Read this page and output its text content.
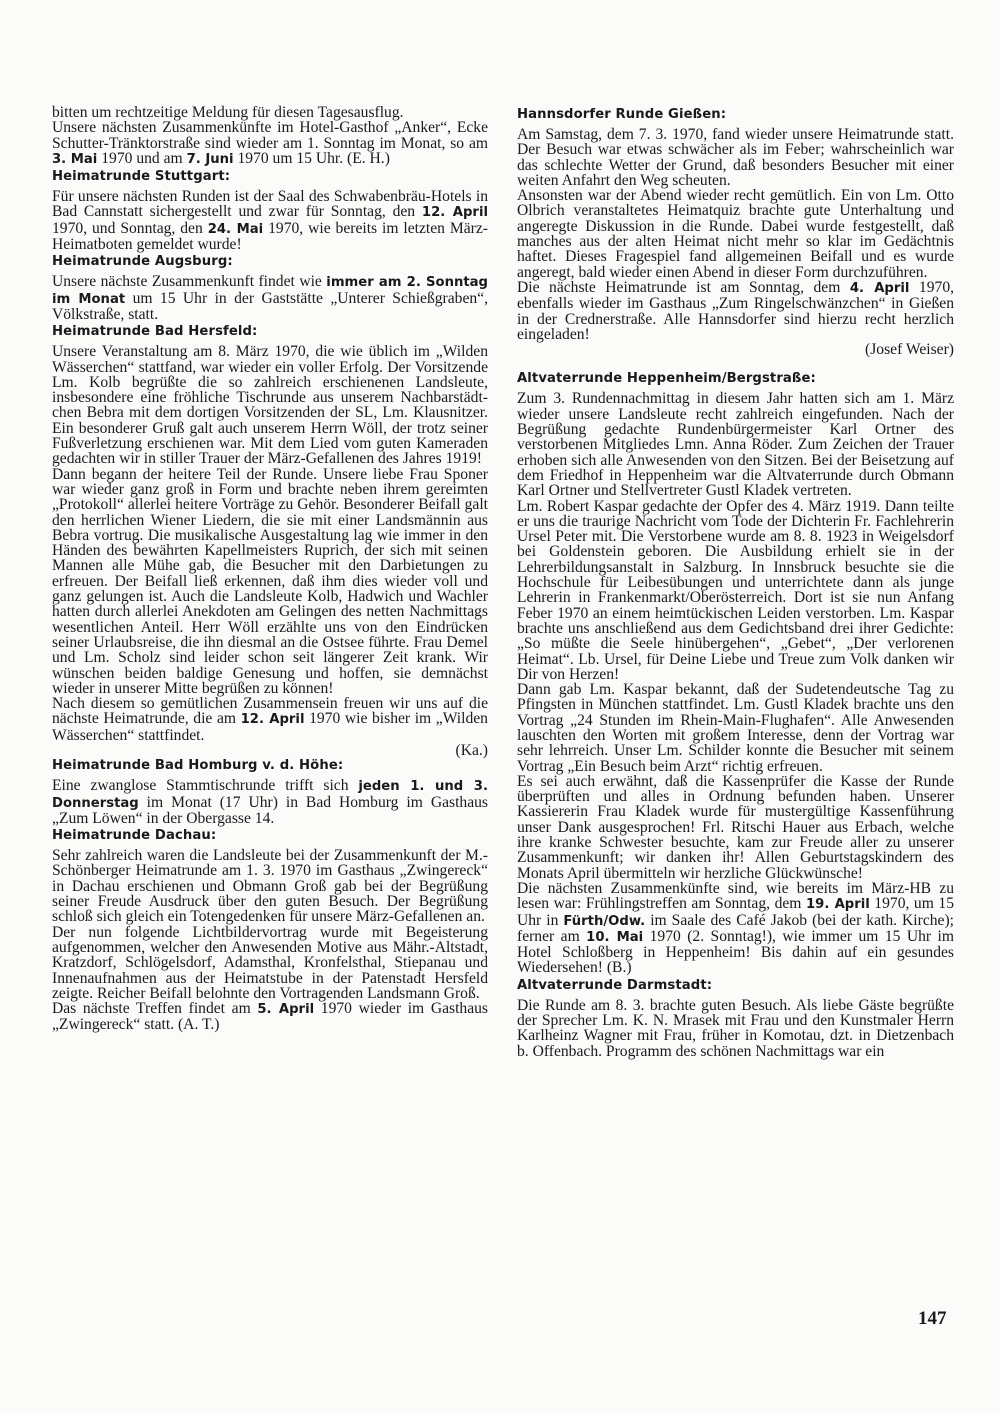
bitten um rechtzeitige Meldung für diesen Tagesausflug.

Unsere nächsten Zusammenkünfte im Hotel-Gasthof „Anker“, Ecke Schutter-Tränktorstraße sind wieder am 1. Sonntag im Monat, so am 3. Mai 1970 und am 7. Juni 1970 um 15 Uhr. (E. H.)

Heimatrunde Stuttgart:

Für unsere nächsten Runden ist der Saal des Schwabenbräu-Hotels in Bad Cannstatt sichergestellt und zwar für Sonntag, den 12. April 1970, und Sonntag, den 24. Mai 1970, wie bereits im letzten März-Heimatboten gemeldet wurde!

Heimatrunde Augsburg:

Unsere nächste Zusammenkunft findet wie immer am 2. Sonntag im Monat um 15 Uhr in der Gaststätte „Unterer Schießgraben“, Völkstraße, statt.

Heimatrunde Bad Hersfeld:

Unsere Veranstaltung am 8. März 1970, die wie üblich im „Wilden Wässerchen“ stattfand, war wieder ein voller Erfolg. Der Vorsitzende Lm. Kolb begrüßte die so zahlreich erschienenen Landsleute, insbesondere eine fröhliche Tischrunde aus unserem Nachbarstädtchen Bebra mit dem dortigen Vorsitzenden der SL, Lm. Klausnitzer. Ein besonderer Gruß galt auch unserem Herrn Wöll, der trotz seiner Fußverletzung erschienen war. Mit dem Lied vom guten Kameraden gedachten wir in stiller Trauer der März-Gefallenen des Jahres 1919!

Dann begann der heitere Teil der Runde. Unsere liebe Frau Sponer war wieder ganz groß in Form und brachte neben ihrem gereimten „Protokoll“ allerlei heitere Vorträge zu Gehör. Besonderer Beifall galt den herrlichen Wiener Liedern, die sie mit einer Landsmännin aus Bebra vortrug. Die musikalische Ausgestaltung lag wie immer in den Händen des bewährten Kapellmeisters Ruprich, der sich mit seinen Mannen alle Mühe gab, die Besucher mit den Darbietungen zu erfreuen. Der Beifall ließ erkennen, daß ihm dies wieder voll und ganz gelungen ist. Auch die Landsleute Kolb, Hadwich und Wachler hatten durch allerlei Anekdoten am Gelingen des netten Nachmittags wesentlichen Anteil. Herr Wöll erzählte uns von den Eindrücken seiner Urlaubsreise, die ihn diesmal an die Ostsee führte. Frau Demel und Lm. Scholz sind leider schon seit längerer Zeit krank. Wir wünschen beiden baldige Genesung und hoffen, sie demnächst wieder in unserer Mitte begrüßen zu können!

Nach diesem so gemütlichen Zusammensein freuen wir uns auf die nächste Heimatrunde, die am 12. April 1970 wie bisher im „Wilden Wässerchen“ stattfindet.

(Ka.)
Heimatrunde Bad Homburg v. d. Höhe:

Eine zwanglose Stammtischrunde trifft sich jeden 1. und 3. Donnerstag im Monat (17 Uhr) in Bad Homburg im Gasthaus „Zum Löwen“ in der Obergasse 14.

Heimatrunde Dachau:

Sehr zahlreich waren die Landsleute bei der Zusammenkunft der M.-Schönberger Heimatrunde am 1. 3. 1970 im Gasthaus „Zwingereck“ in Dachau erschienen und Obmann Groß gab bei der Begrüßung seiner Freude Ausdruck über den guten Besuch. Der Begrüßung schloß sich gleich ein Totengedenken für unsere März-Gefallenen an.

Der nun folgende Lichtbildervortrag wurde mit Begeisterung aufgenommen, welcher den Anwesenden Motive aus Mähr.-Altstadt, Kratzdorf, Schlögelsdorf, Adamsthal, Kronfelsthal, Stiepanau und Innenaufnahmen aus der Heimatstube in der Patenstadt Hersfeld zeigte. Reicher Beifall belohnte den Vortragenden Landsmann Groß.

Das nächste Treffen findet am 5. April 1970 wieder im Gasthaus „Zwingereck“ statt. (A. T.)

Hannsdorfer Runde Gießen:

Am Samstag, dem 7. 3. 1970, fand wieder unsere Heimatrunde statt. Der Besuch war etwas schwächer als im Feber; wahrscheinlich war das schlechte Wetter der Grund, daß besonders Besucher mit einer weiten Anfahrt den Weg scheuten.

Ansonsten war der Abend wieder recht gemütlich. Ein von Lm. Otto Olbrich veranstaltetes Heimatquiz brachte gute Unterhaltung und angeregte Diskussion in die Runde. Dabei wurde festgestellt, daß manches aus der alten Heimat nicht mehr so klar im Gedächtnis haftet. Dieses Fragespiel fand allgemeinen Beifall und es wurde angeregt, bald wieder einen Abend in dieser Form durchzuführen.

Die nächste Heimatrunde ist am Sonntag, dem 4. April 1970, ebenfalls wieder im Gasthaus „Zum Ringelschwänzchen“ in Gießen in der Crednerstraße. Alle Hannsdorfer sind hierzu recht herzlich eingeladen!

(Josef Weiser)
Altvaterrunde Heppenheim/Bergstraße:

Zum 3. Rundennachmittag in diesem Jahr hatten sich am 1. März wieder unsere Landsleute recht zahlreich eingefunden. Nach der Begrüßung gedachte Rundenbürgermeister Karl Ortner des verstorbenen Mitgliedes Lmn. Anna Röder. Zum Zeichen der Trauer erhoben sich alle Anwesenden von den Sitzen. Bei der Beisetzung auf dem Friedhof in Heppenheim war die Altvaterrunde durch Obmann Karl Ortner und Stellvertreter Gustl Kladek vertreten.

Lm. Robert Kaspar gedachte der Opfer des 4. März 1919. Dann teilte er uns die traurige Nachricht vom Tode der Dichterin Fr. Fachlehrerin Ursel Peter mit. Die Verstorbene wurde am 8. 8. 1923 in Weigelsdorf bei Goldenstein geboren. Die Ausbildung erhielt sie in der Lehrerbildungsanstalt in Salzburg. In Innsbruck besuchte sie die Hochschule für Leibesübungen und unterrichtete dann als junge Lehrerin in Frankenmarkt/Oberösterreich. Dort ist sie nun Anfang Feber 1970 an einem heimtückischen Leiden verstorben. Lm. Kaspar brachte uns anschließend aus dem Gedichtsband drei ihrer Gedichte: „So müßte die Seele hinübergehen“, „Gebet“, „Der verlorenen Heimat“. Lb. Ursel, für Deine Liebe und Treue zum Volk danken wir Dir von Herzen!

Dann gab Lm. Kaspar bekannt, daß der Sudetendeutsche Tag zu Pfingsten in München stattfindet. Lm. Gustl Kladek brachte uns den Vortrag „24 Stunden im Rhein-Main-Flughafen“. Alle Anwesenden lauschten den Worten mit großem Interesse, denn der Vortrag war sehr lehrreich. Unser Lm. Schilder konnte die Besucher mit seinem Vortrag „Ein Besuch beim Arzt“ richtig erfreuen.

Es sei auch erwähnt, daß die Kassenprüfer die Kasse der Runde überprüften und alles in Ordnung befunden haben. Unserer Kassiererin Frau Kladek wurde für mustergültige Kassenführung unser Dank ausgesprochen! Frl. Ritschi Hauer aus Erbach, welche ihre kranke Schwester besuchte, kam zur Freude aller zu unserer Zusammenkunft; wir danken ihr! Allen Geburtstagskindern des Monats April übermitteln wir herzliche Glückwünsche!

Die nächsten Zusammenkünfte sind, wie bereits im März-HB zu lesen war: Frühlingstreffen am Sonntag, dem 19. April 1970, um 15 Uhr in Fürth/Odw. im Saale des Café Jakob (bei der kath. Kirche); ferner am 10. Mai 1970 (2. Sonntag!), wie immer um 15 Uhr im Hotel Schloßberg in Heppenheim! Bis dahin auf ein gesundes Wiedersehen! (B.)

Altvaterrunde Darmstadt:

Die Runde am 8. 3. brachte guten Besuch. Als liebe Gäste begrüßte der Sprecher Lm. K. N. Mrasek mit Frau und den Kunstmaler Herrn Karlheinz Wagner mit Frau, früher in Komotau, dzt. in Dietzenbach b. Offenbach. Programm des schönen Nachmittags war ein

147
